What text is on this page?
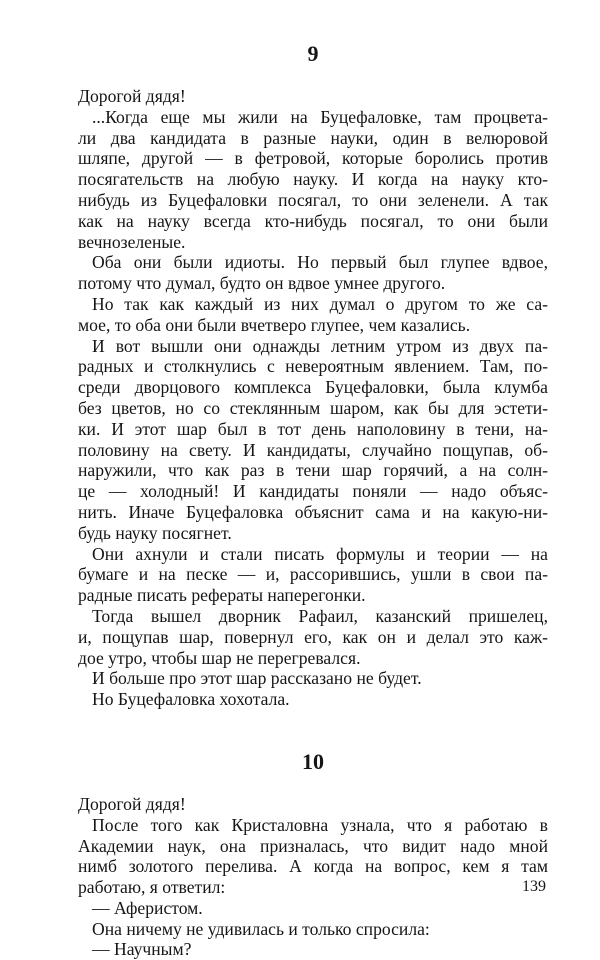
9

Дорогой дядя!

...Когда еще мы жили на Буцефаловке, там процвета-

ли два кандидата в разные науки, один в велюровой

шляпе, другой — в фетровой, которые боролись против

посягательств на любую науку. И когда на науку кто-

нибудь из Буцефаловки посягал, то они зеленели. А так

как на науку всегда кто-нибудь посягал, то они были

вечнозеленые.

Оба они были идиоты. Но первый был глупее вдвое,

потому что думал, будто он вдвое умнее другого.

Но так как каждый из них думал о другом то же са-

мое, то оба они были вчетверо глупее, чем казались.

И вот вышли они однажды летним утром из двух па-

радных и столкнулись с невероятным явлением. Там, по-

среди дворцового комплекса Буцефаловки, была клумба

без цветов, но со стеклянным шаром, как бы для эстети-

ки. И этот шар был в тот день наполовину в тени, на-

половину на свету. И кандидаты, случайно пощупав, об-

наружили, что как раз в тени шар горячий, а на солн-

це — холодный! И кандидаты поняли — надо объяс-

нить. Иначе Буцефаловка объяснит сама и на какую-ни-

будь науку посягнет.

Они ахнули и стали писать формулы и теории — на

бумаге и на песке — и, рассорившись, ушли в свои па-

радные писать рефераты наперегонки.

Тогда вышел дворник Рафаил, казанский пришелец,

и, пощупав шар, повернул его, как он и делал это каж-

дое утро, чтобы шар не перегревался.

И больше про этот шар рассказано не будет.

Но Буцефаловка хохотала.

10

Дорогой дядя!

После того как Кристаловна узнала, что я работаю в

Академии наук, она призналась, что видит надо мной

нимб золотого перелива. А когда на вопрос, кем я там

работаю, я ответил:

— Аферистом.

Она ничему не удивилась и только спросила:

— Научным?

139
